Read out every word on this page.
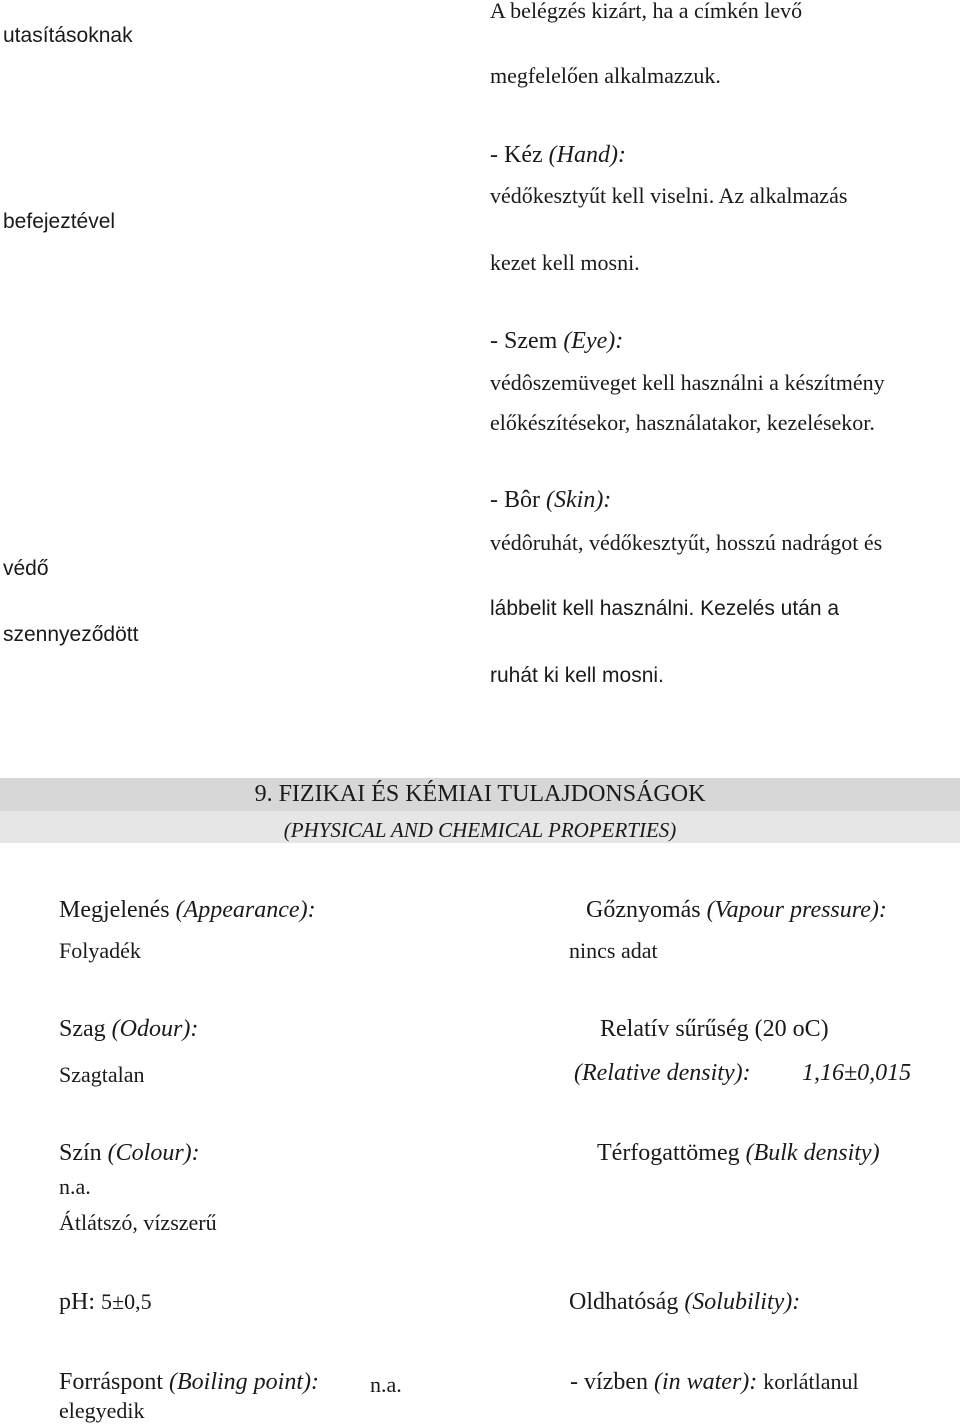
utasításoknak
befejeztével
védő
szennyeződött
A belégzés kizárt, ha a címkén levő
megfelelően alkalmazzuk.
- Kéz (Hand):
védőkesztyűt kell viselni. Az alkalmazás
kezet kell mosni.
- Szem (Eye):
védôszemüveget kell használni a készítmény
előkészítésekor, használatakor, kezelésekor.
- Bôr (Skin):
védôruhát, védőkesztyűt, hosszú nadrágot és
lábbelit kell használni. Kezelés után a
ruhát ki kell mosni.
9. FIZIKAI ÉS KÉMIAI TULAJDONSÁGOK
(PHYSICAL AND CHEMICAL PROPERTIES)
Megjelenés (Appearance):
Folyadék
Gőznyomás (Vapour pressure):
nincs adat
Szag (Odour):
Szagtalan
Relatív sűrűség (20 oC)
(Relative density): 1,16±0,015
Szín (Colour):
n.a.
Átlátszó, vízszerű
Térfogattömeg (Bulk density)
pH: 5±0,5	Oldhatóság (Solubility):
Forráspont (Boiling point): n.a.	- vízben (in water): korlátlanul
elegyedik
